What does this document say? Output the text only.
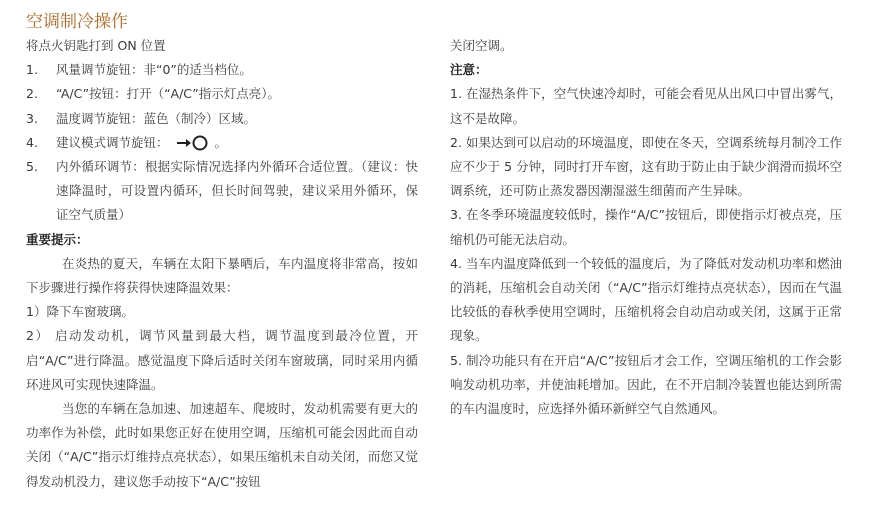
空调制冷操作

将点火钥匙打到 ON 位置

1. 风量调节旋钮：非“0”的适当档位。
2. “A/C”按钮：打开（“A/C”指示灯点亮）。
3. 温度调节旋钮：蓝色（制冷）区域。
4. 建议模式调节旋钮：	。
5. 内外循环调节：根据实际情况选择内外循环合适位置。（建议：快速降温时，可设置内循环，但长时间驾驶，建议采用外循环，保证空气质量）

重要提示：

在炎热的夏天，车辆在太阳下暴晒后，车内温度将非常高，按如下步骤进行操作将获得快速降温效果：

1）降下车窗玻璃。

2） 启动发动机，调节风量到最大档，调节温度到最冷位置，开启“A/C”进行降温。感觉温度下降后适时关闭车窗玻璃，同时采用内循环进风可实现快速降温。

当您的车辆在急加速、加速超车、爬坡时，发动机需要有更大的功率作为补偿，此时如果您正好在使用空调，压缩机可能会因此而自动关闭（“A/C”指示灯维持点亮状态），如果压缩机未自动关闭，而您又觉得发动机没力，建议您手动按下“A/C”按钮

关闭空调。

注意：

1. 在湿热条件下，空气快速冷却时，可能会看见从出风口中冒出雾气，这不是故障。

2. 如果达到可以启动的环境温度，即使在冬天，空调系统每月制冷工作应不少于 5 分钟，同时打开车窗，这有助于防止由于缺少润滑而损坏空调系统，还可防止蒸发器因潮湿滋生细菌而产生异味。

3. 在冬季环境温度较低时，操作“A/C”按钮后，即使指示灯被点亮，压缩机仍可能无法启动。

4. 当车内温度降低到一个较低的温度后，为了降低对发动机功率和燃油的消耗，压缩机会自动关闭（“A/C”指示灯维持点亮状态），因而在气温比较低的春秋季使用空调时，压缩机将会自动启动或关闭，这属于正常现象。

5. 制冷功能只有在开启“A/C”按钮后才会工作，空调压缩机的工作会影响发动机功率，并使油耗增加。因此，在不开启制冷装置也能达到所需的车内温度时，应选择外循环新鲜空气自然通风。
